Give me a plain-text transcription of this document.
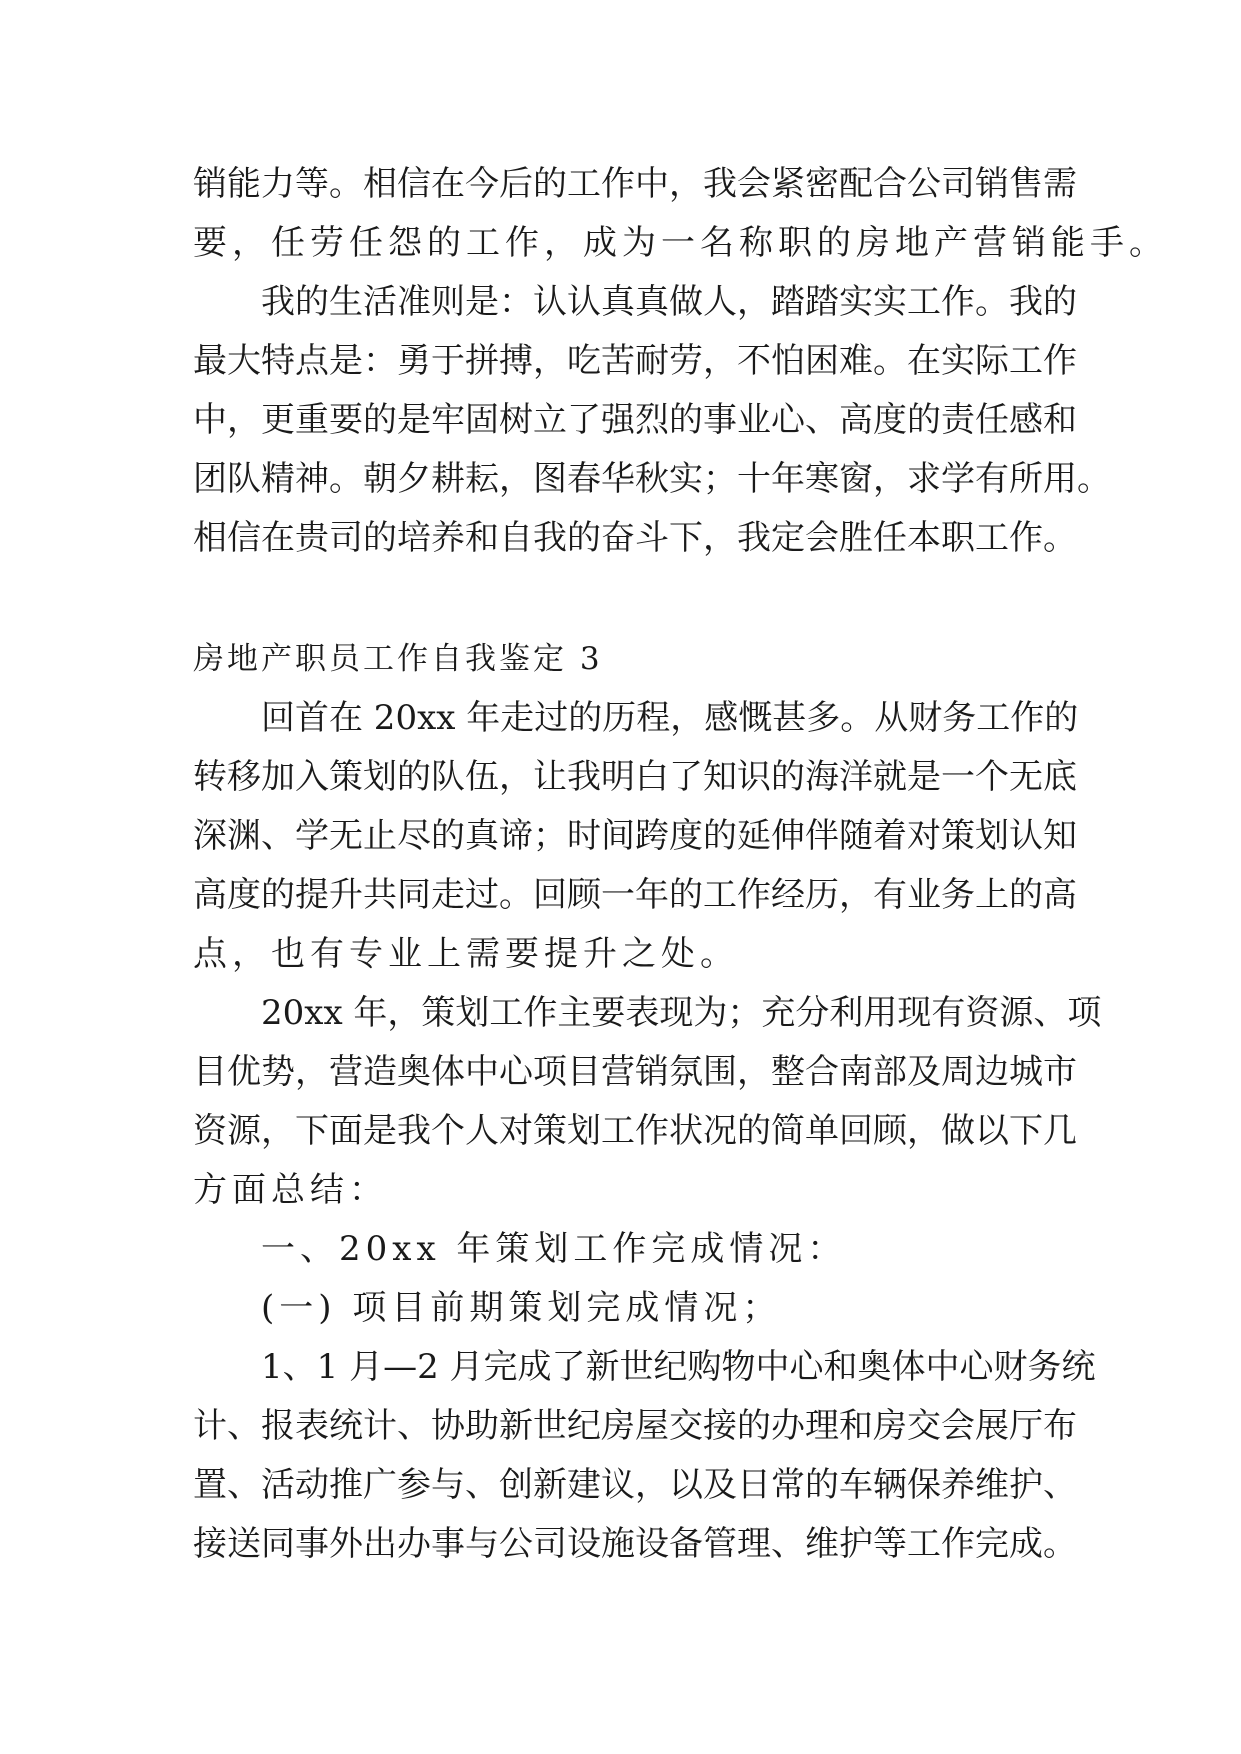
销能力等。相信在今后的工作中，我会紧密配合公司销售需
要，任劳任怨的工作，成为一名称职的房地产营销能手。
我的生活准则是：认认真真做人，踏踏实实工作。我的
最大特点是：勇于拼搏，吃苦耐劳，不怕困难。在实际工作
中，更重要的是牢固树立了强烈的事业心、高度的责任感和
团队精神。朝夕耕耘，图春华秋实；十年寒窗，求学有所用。
相信在贵司的培养和自我的奋斗下，我定会胜任本职工作。
房地产职员工作自我鉴定 3
回首在 20xx 年走过的历程，感慨甚多。从财务工作的
转移加入策划的队伍，让我明白了知识的海洋就是一个无底
深渊、学无止尽的真谛；时间跨度的延伸伴随着对策划认知
高度的提升共同走过。回顾一年的工作经历，有业务上的高
点，也有专业上需要提升之处。
20xx 年，策划工作主要表现为；充分利用现有资源、项
目优势，营造奥体中心项目营销氛围，整合南部及周边城市
资源，下面是我个人对策划工作状况的简单回顾，做以下几
方面总结：
一、20xx 年策划工作完成情况：
(一) 项目前期策划完成情况；
1、1 月—2 月完成了新世纪购物中心和奥体中心财务统
计、报表统计、协助新世纪房屋交接的办理和房交会展厅布
置、活动推广参与、创新建议，以及日常的车辆保养维护、
接送同事外出办事与公司设施设备管理、维护等工作完成。
